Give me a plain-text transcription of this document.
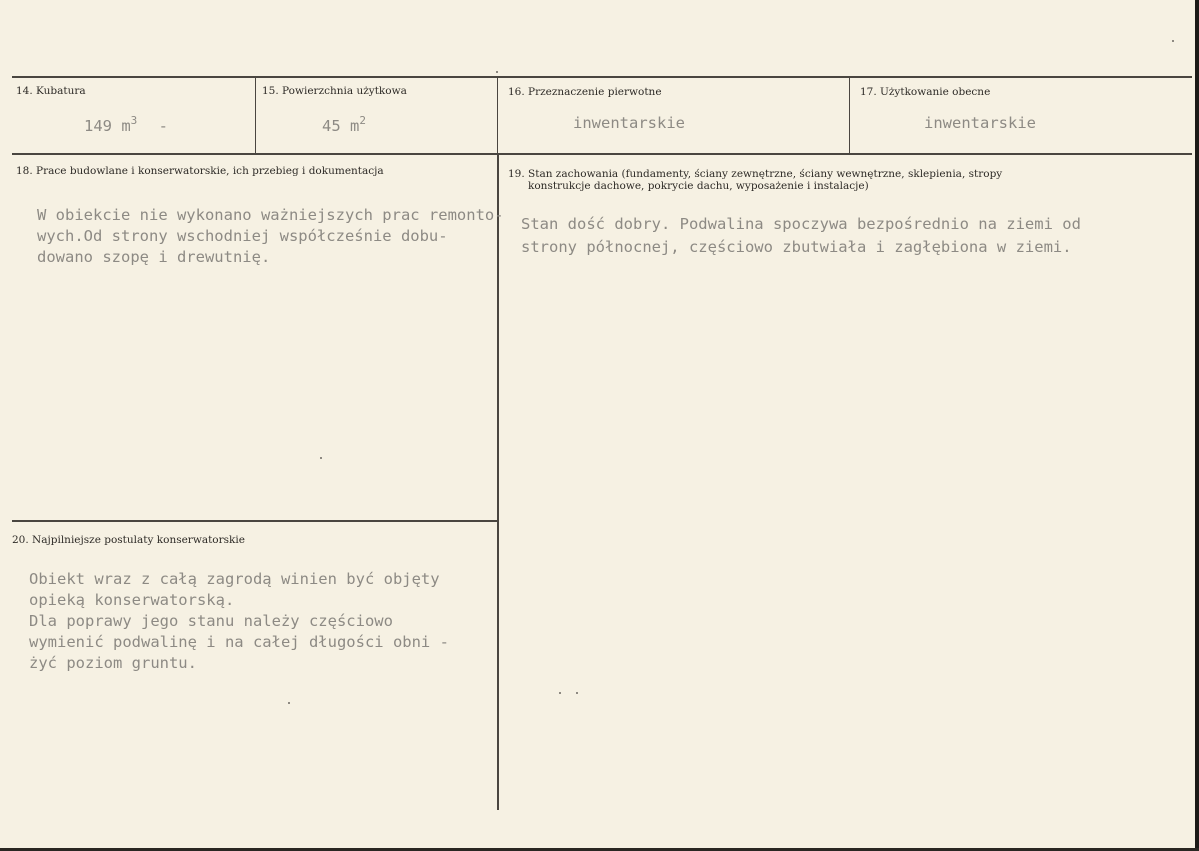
14. Kubatura
149 $m^3$ -
15. Powierzchnia użytkowa
45 $m^2$
16. Przeznaczenie pierwotne
inwentarskie
17. Użytkowanie obecne
inwentarskie
18. Prace budowlane i konserwatorskie, ich przebieg i dokumentacja
W obiekcie nie wykonano ważniejszych prac remonto-
wych.Od strony wschodniej współcześnie dobu-
dowano szopę i drewutnię.
19. Stan zachowania (fundamenty, ściany zewnętrzne, ściany wewnętrzne, sklepienia, stropy
konstrukcje dachowe, pokrycie dachu, wyposażenie i instalacje)
Stan dość dobry. Podwalina spoczywa bezpośrednio na ziemi od
strony północnej, częściowo zbutwiała i zagłębiona w ziemi.
20. Najpilniejsze postulaty konserwatorskie
Obiekt wraz z całą zagrodą winien być objęty
opieką konserwatorską.
Dla poprawy jego stanu należy częściowo
wymienić podwalinę i na całej długości obni -
żyć poziom gruntu.
